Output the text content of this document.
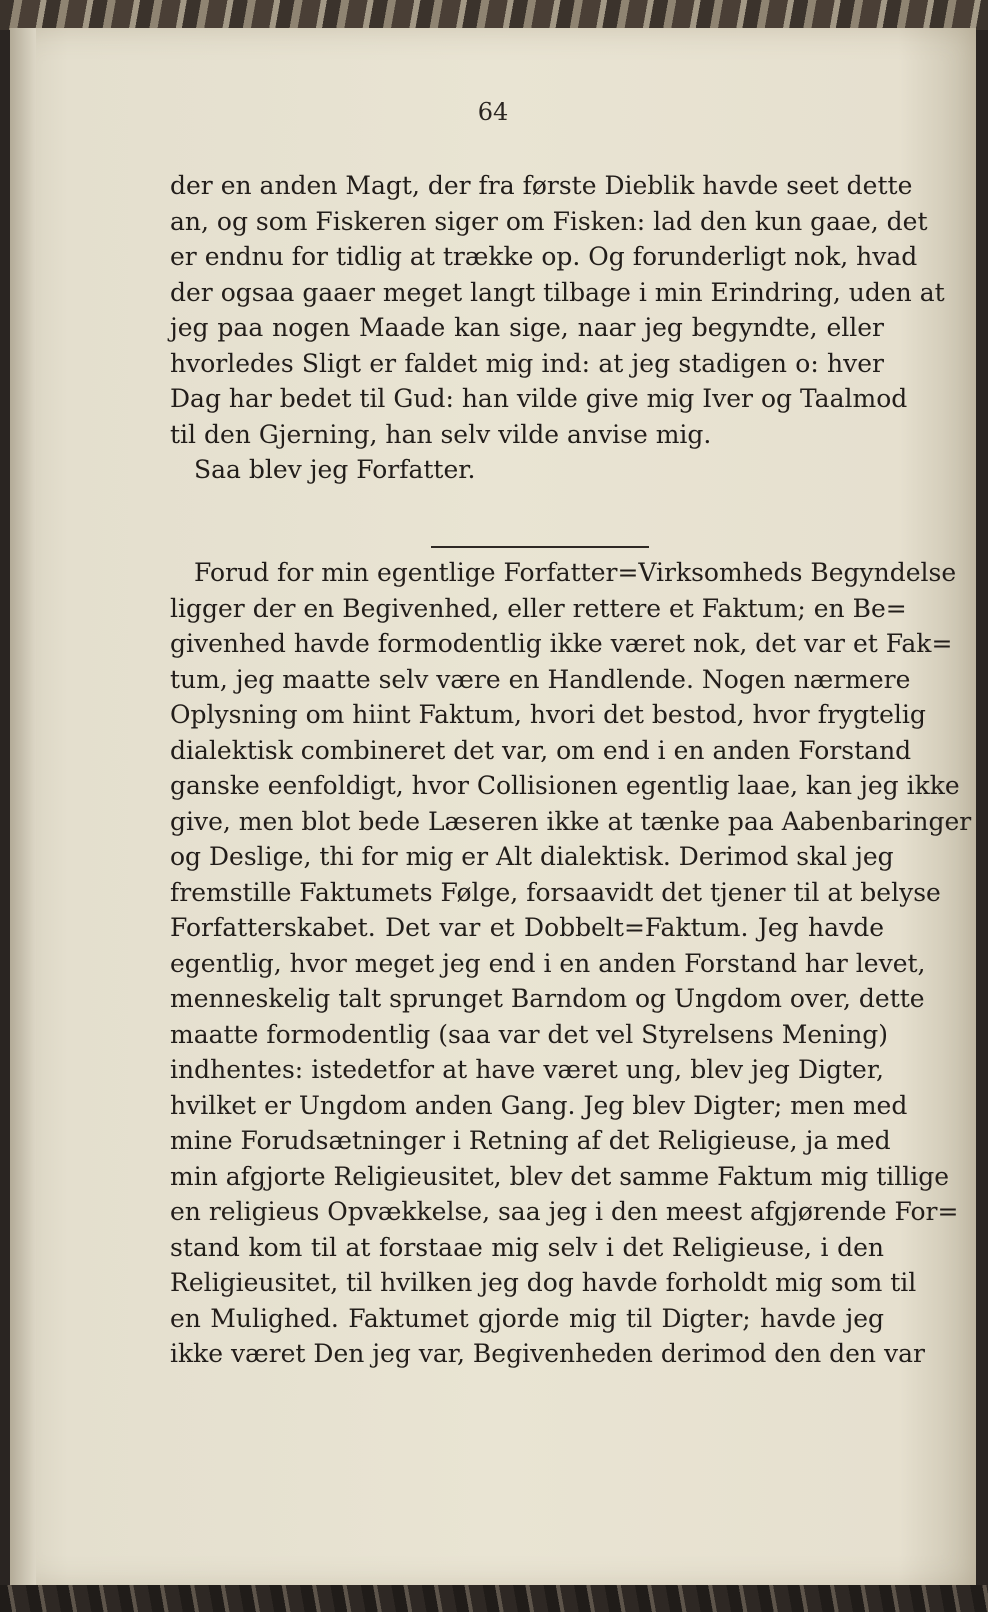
64
der en anden Magt, der fra første Dieblik havde seet dette
an, og som Fiskeren siger om Fisken: lad den kun gaae, det
er endnu for tidlig at trække op. Og forunderligt nok, hvad
der ogsaa gaaer meget langt tilbage i min Erindring, uden at
jeg paa nogen Maade kan sige, naar jeg begyndte, eller
hvorledes Sligt er faldet mig ind: at jeg stadigen o: hver
Dag har bedet til Gud: han vilde give mig Iver og Taalmod
til den Gjerning, han selv vilde anvise mig.
Saa blev jeg Forfatter.
Forud for min egentlige Forfatter=Virksomheds Begyndelse
ligger der en Begivenhed, eller rettere et Faktum; en Be=
givenhed havde formodentlig ikke været nok, det var et Fak=
tum, jeg maatte selv være en Handlende. Nogen nærmere
Oplysning om hiint Faktum, hvori det bestod, hvor frygtelig
dialektisk combineret det var, om end i en anden Forstand
ganske eenfoldigt, hvor Collisionen egentlig laae, kan jeg ikke
give, men blot bede Læseren ikke at tænke paa Aabenbaringer
og Deslige, thi for mig er Alt dialektisk. Derimod skal jeg
fremstille Faktumets Følge, forsaavidt det tjener til at belyse
Forfatterskabet. Det var et Dobbelt=Faktum. Jeg havde
egentlig, hvor meget jeg end i en anden Forstand har levet,
menneskelig talt sprunget Barndom og Ungdom over, dette
maatte formodentlig (saa var det vel Styrelsens Mening)
indhentes: istedetfor at have været ung, blev jeg Digter,
hvilket er Ungdom anden Gang. Jeg blev Digter; men med
mine Forudsætninger i Retning af det Religieuse, ja med
min afgjorte Religieusitet, blev det samme Faktum mig tillige
en religieus Opvækkelse, saa jeg i den meest afgjørende For=
stand kom til at forstaae mig selv i det Religieuse, i den
Religieusitet, til hvilken jeg dog havde forholdt mig som til
en Mulighed. Faktumet gjorde mig til Digter; havde jeg
ikke været Den jeg var, Begivenheden derimod den den var
